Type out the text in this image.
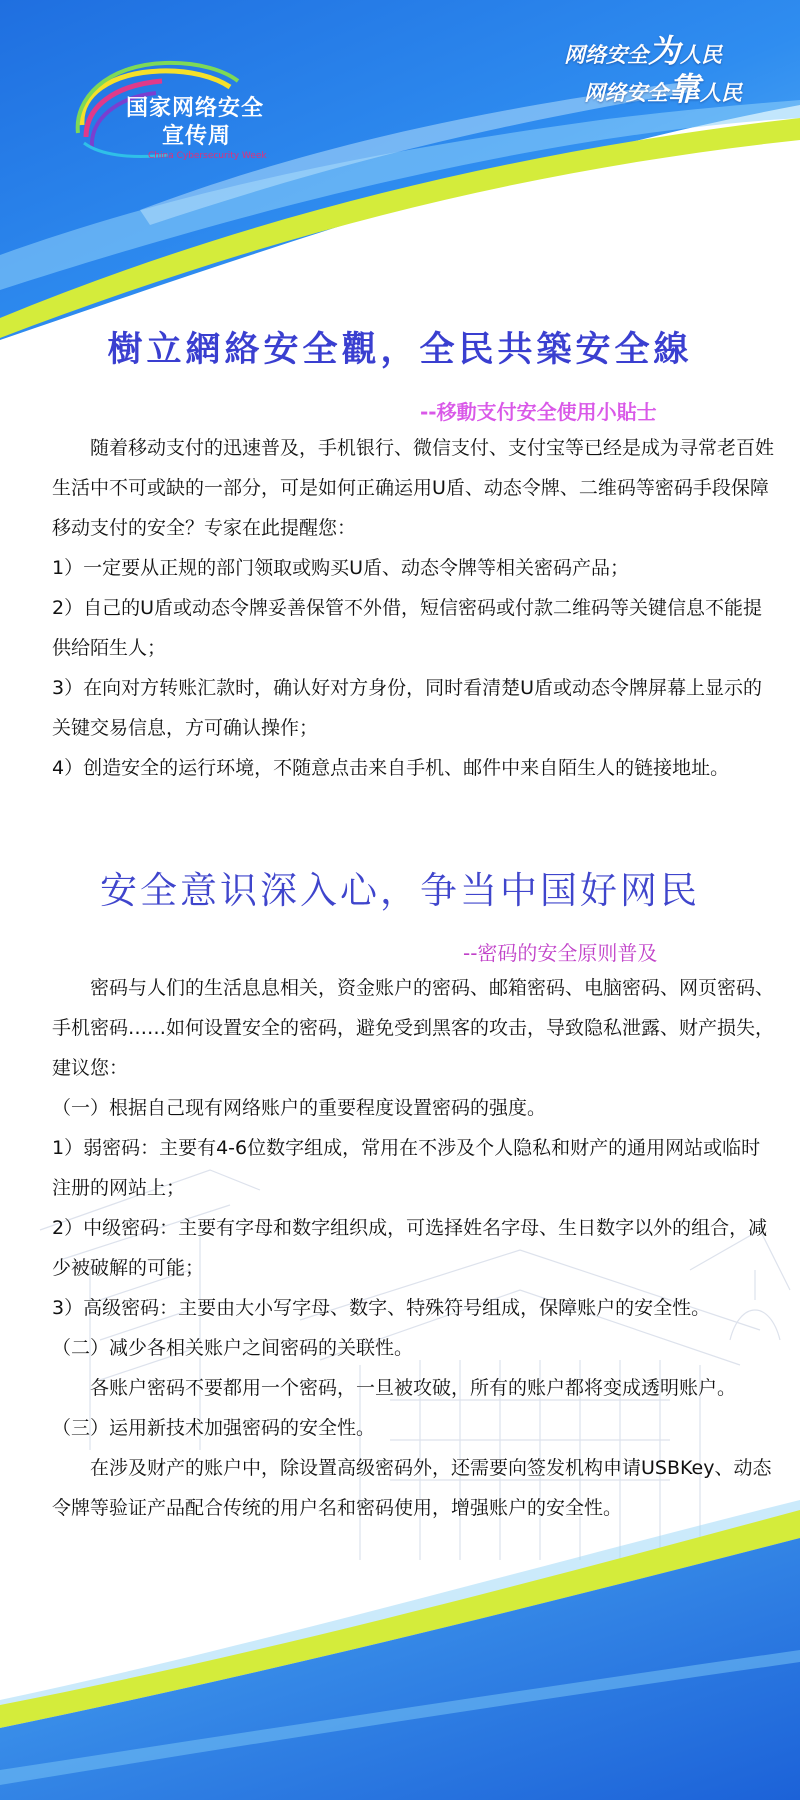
国家网络安全
宣传周
China Cybersecurity Week
网络安全为人民
网络安全靠人民
樹立網絡安全觀，全民共築安全線
--移動支付安全使用小貼士

随着移动支付的迅速普及，手机银行、微信支付、支付宝等已经是成为寻常老百姓生活中不可或缺的一部分，可是如何正确运用U盾、动态令牌、二维码等密码手段保障移动支付的安全？专家在此提醒您：

1）一定要从正规的部门领取或购买U盾、动态令牌等相关密码产品；

2）自己的U盾或动态令牌妥善保管不外借，短信密码或付款二维码等关键信息不能提供给陌生人；

3）在向对方转账汇款时，确认好对方身份，同时看清楚U盾或动态令牌屏幕上显示的关键交易信息，方可确认操作；

4）创造安全的运行环境，不随意点击来自手机、邮件中来自陌生人的链接地址。

安全意识深入心，争当中国好网民
--密码的安全原则普及

密码与人们的生活息息相关，资金账户的密码、邮箱密码、电脑密码、网页密码、手机密码……如何设置安全的密码，避免受到黑客的攻击，导致隐私泄露、财产损失，建议您：

（一）根据自己现有网络账户的重要程度设置密码的强度。

1）弱密码：主要有4-6位数字组成，常用在不涉及个人隐私和财产的通用网站或临时注册的网站上；

2）中级密码：主要有字母和数字组织成，可选择姓名字母、生日数字以外的组合，减少被破解的可能；

3）高级密码：主要由大小写字母、数字、特殊符号组成，保障账户的安全性。

（二）减少各相关账户之间密码的关联性。

各账户密码不要都用一个密码，一旦被攻破，所有的账户都将变成透明账户。

（三）运用新技术加强密码的安全性。

在涉及财产的账户中，除设置高级密码外，还需要向签发机构申请USBKey、动态令牌等验证产品配合传统的用户名和密码使用，增强账户的安全性。
